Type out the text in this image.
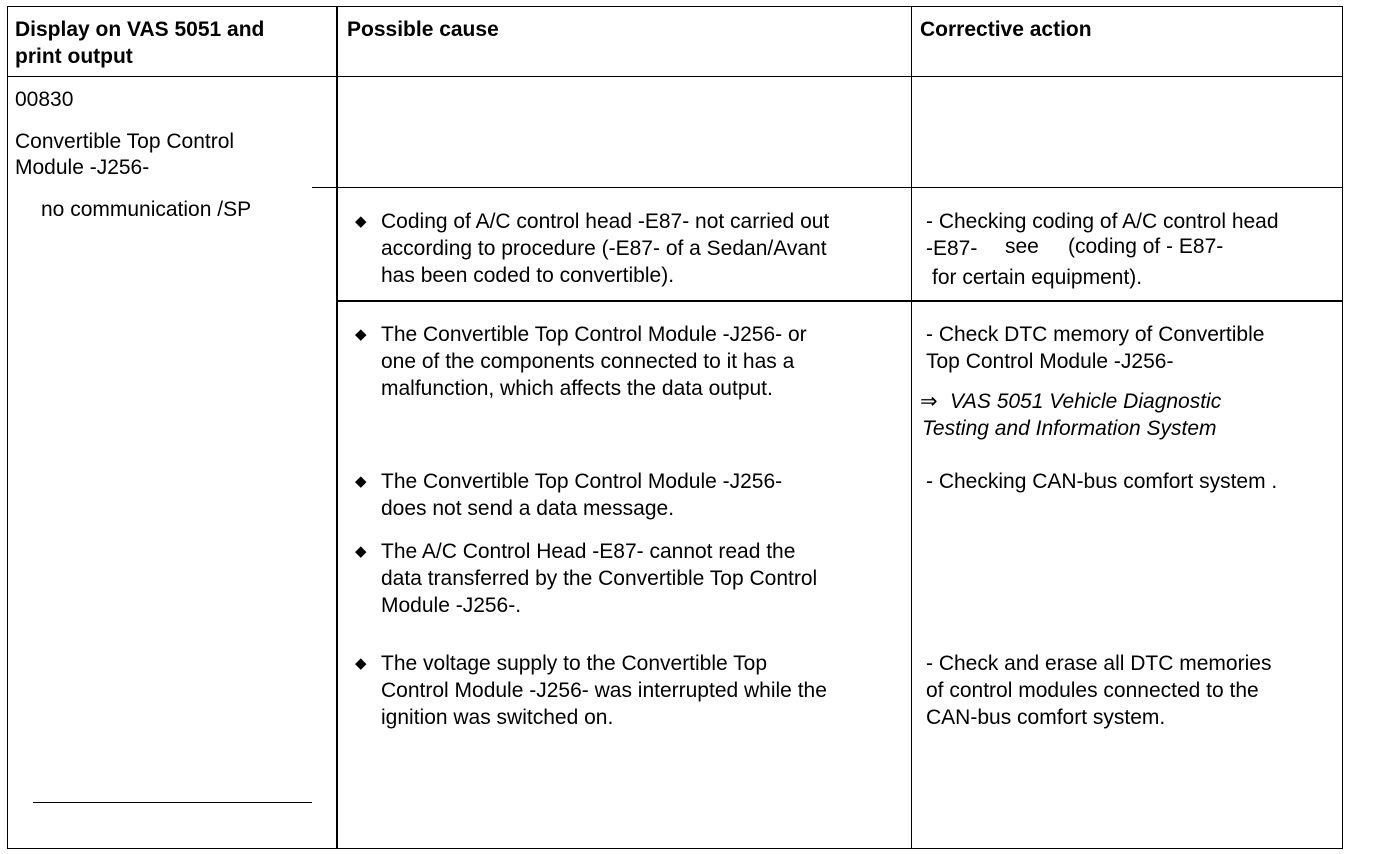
Display on VAS 5051 and
print output
Possible cause	Corrective action
00830
Convertible Top Control
Module -J256-
no communication /SP
◆ Coding of A/C control head -E87- not carried out
according to procedure (-E87- of a Sedan/Avant
has been coded to convertible).
- Checking coding of A/C control head
-E87- see (coding of - E87-
for certain equipment).
◆ The Convertible Top Control Module -J256- or
one of the components connected to it has a
malfunction, which affects the data output.
- Check DTC memory of Convertible
Top Control Module -J256-
⇒ VAS 5051 Vehicle Diagnostic
Testing and Information System
◆ The Convertible Top Control Module -J256-
does not send a data message.
- Checking CAN-bus comfort system .
◆ The A/C Control Head -E87- cannot read the
data transferred by the Convertible Top Control
Module -J256-.
◆ The voltage supply to the Convertible Top
Control Module -J256- was interrupted while the
ignition was switched on.
- Check and erase all DTC memories
of control modules connected to the
CAN-bus comfort system.
